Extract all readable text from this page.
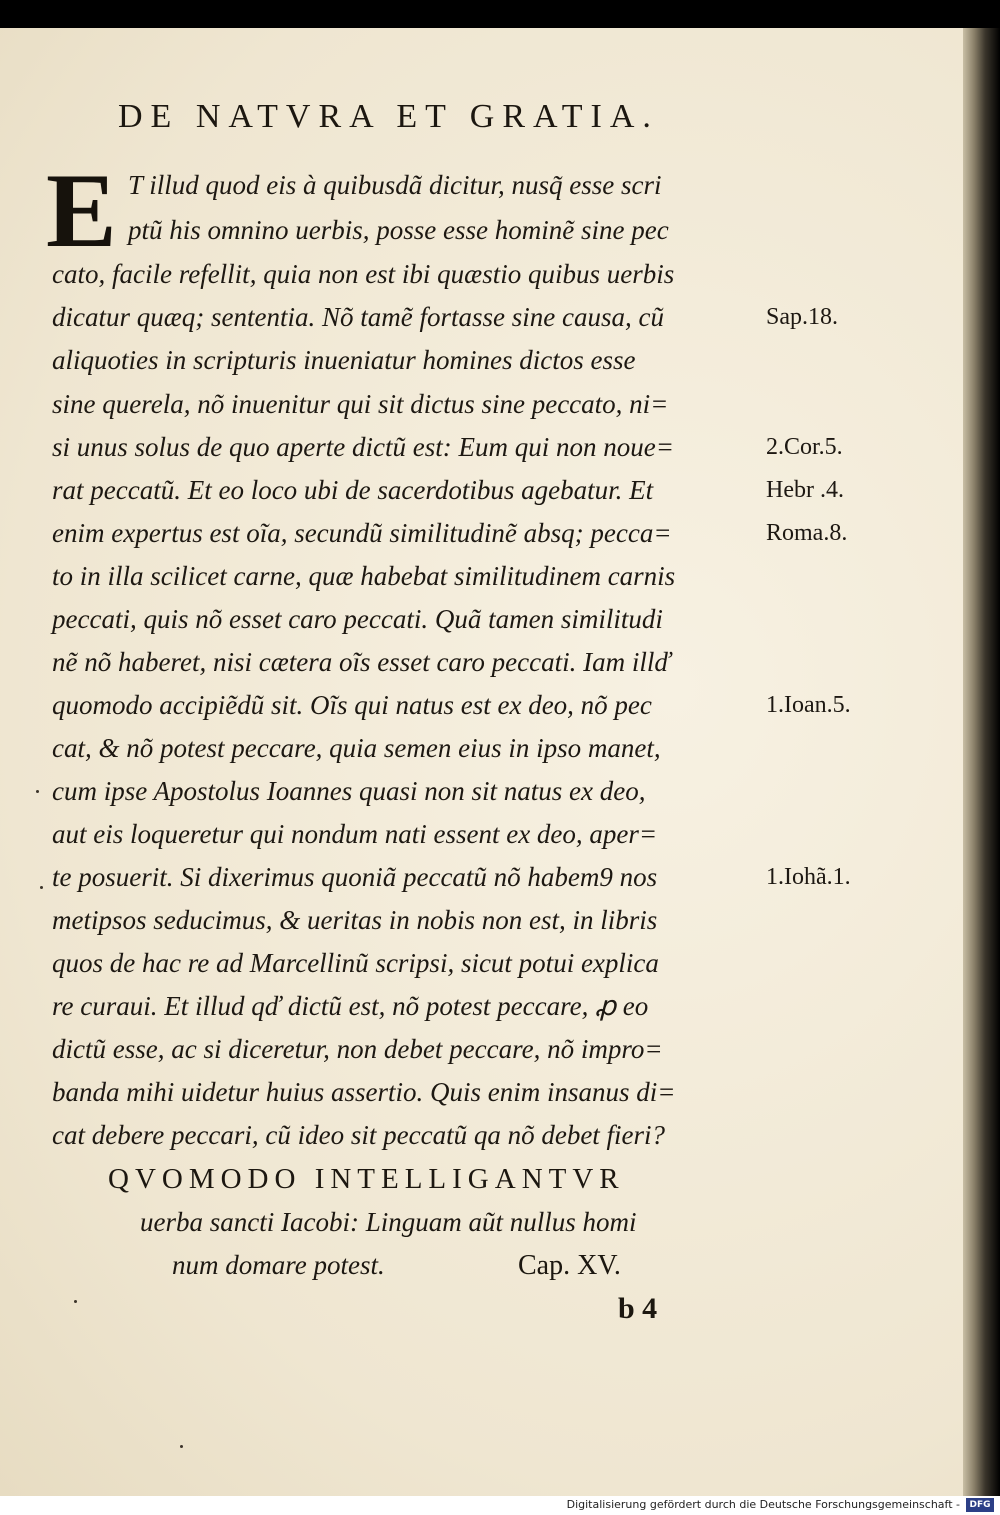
DE NATVRA ET GRATIA.
E T illud quod eis à quibusdã dicitur, nusq̃ esse scri
ptũ his omnino uerbis, posse esse hominẽ sine pec
cato, facile refellit, quia non est ibi quæstio quibus uerbis
dicatur quæq; sententia. Nõ tamẽ fortasse sine causa, cũ
aliquoties in scripturis inueniatur homines dictos esse
sine querela, nõ inuenitur qui sit dictus sine peccato, ni=
si unus solus de quo aperte dictũ est: Eum qui non noue=
rat peccatũ. Et eo loco ubi de sacerdotibus agebatur. Et
enim expertus est oĩa, secundũ similitudinẽ absq; pecca=
to in illa scilicet carne, quæ habebat similitudinem carnis
peccati, quis nõ esset caro peccati. Quã tamen similitudi
nẽ nõ haberet, nisi cætera oĩs esset caro peccati. Iam illď
quomodo accipiẽdũ sit. Oĩs qui natus est ex deo, nõ pec
cat, & nõ potest peccare, quia semen eius in ipso manet,
cum ipse Apostolus Ioannes quasi non sit natus ex deo,
aut eis loqueretur qui nondum nati essent ex deo, aper=
te posuerit. Si dixerimus quoniã peccatũ nõ habem9 nos
metipsos seducimus, & ueritas in nobis non est, in libris
quos de hac re ad Marcellinũ scripsi, sicut potui explica
re curaui. Et illud qď dictũ est, nõ potest peccare, ꝓ eo
dictũ esse, ac si diceretur, non debet peccare, nõ impro=
banda mihi uidetur huius assertio. Quis enim insanus di=
cat debere peccari, cũ ideo sit peccatũ qa nõ debet fieri?
Sap.18.
2.Cor.5.
Hebr .4.
Roma.8.
1.Ioan.5.
1.Iohã.1.
QVOMODO INTELLIGANTVR
uerba sancti Iacobi: Linguam aũt nullus homi
num domare potest.	Cap. XV.
b 4
Digitalisierung gefördert durch die Deutsche Forschungsgemeinschaft -	DFG
